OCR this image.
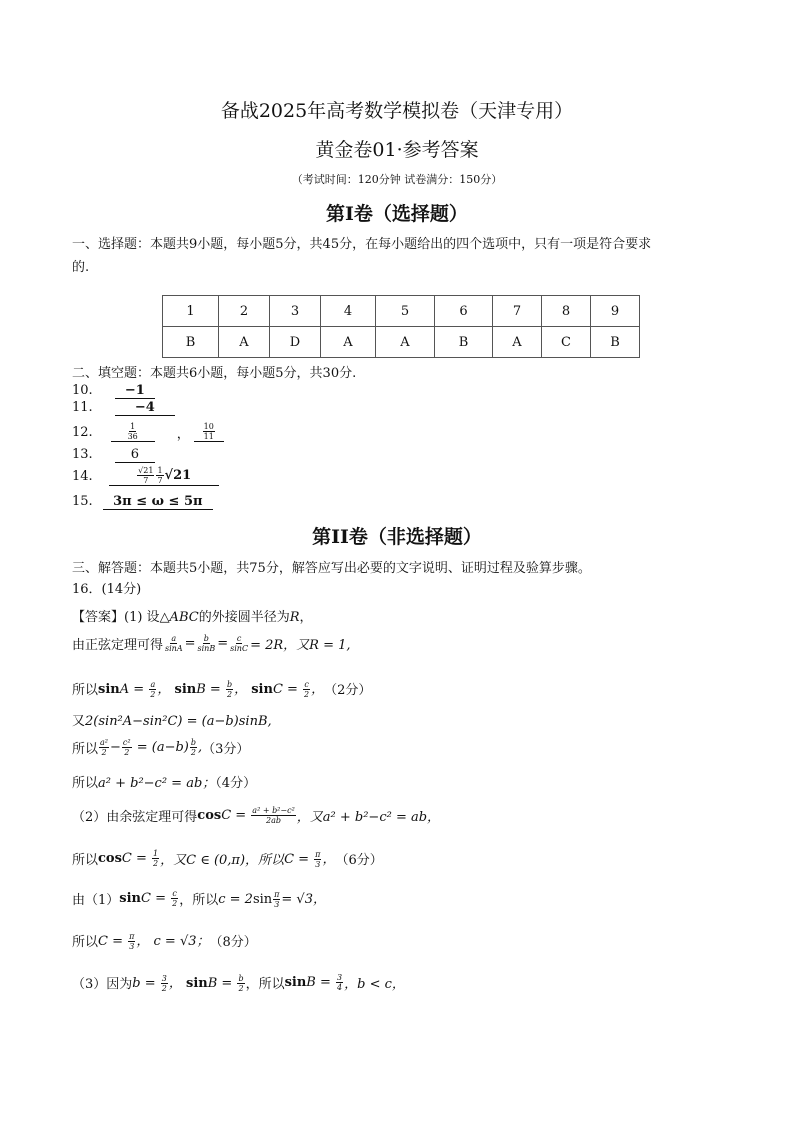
备战2025年高考数学模拟卷（天津专用）
黄金卷01·参考答案
（考试时间：120分钟 试卷满分：150分）
第I卷（选择题）
一、选择题：本题共9小题，每小题5分，共45分，在每小题给出的四个选项中，只有一项是符合要求
的.
1	2	3	4	5	6	7	8	9
B	A	D	A	A	B	A	C	B
二、填空题：本题共6小题，每小题5分，共30分.
10. −1
11.	−4
12.	$\frac{1}{36}$	， $\frac{10}{11}$
13.	6
14.	$\frac{√21}{7} \frac{1}{7} √21$
15. 3π ≤ ω ≤ 5π
第II卷（非选择题）
三、解答题：本题共5小题，共75分，解答应写出必要的文字说明、证明过程及验算步骤。
16．(14分)
【答案】(1) 设△ABC的外接圆半径为R，
由正弦定理可得 $\frac{a}{\sin A} = \frac{b}{\sin B} = \frac{c}{\sin C} = 2R$，又R = 1,
所以 $\sin A = \frac{a}{2}$ ， $\sin B = \frac{b}{2}$ ， $\sin C = \frac{c}{2}$ ， （2分）
又2(sin²A−sin²C) = (a−b)sinB,
所以 $\frac{\text{a²}}{2} - \frac{\text{c²}}{2} = (a-b) \frac{b}{2}$ , （3分）
所以a² + b²−c² = ab；（4分）
（2）由余弦定理可得 $\cos C = \frac{\text{a² + b²−c²}}{2ab}$ ，又a² + b²−c² = ab，
所以 $\cos C = \frac{1}{2}$ ，又C ∈ (0,π)，所以 $C = \frac{\pi}{3}$ ， （6分）
由（1） $\sin C = \frac{c}{2}$ ，所以 $c = 2\sin \frac{\pi}{3} = √3$，
所以 $C = \frac{\pi}{3}$ ， c = √3； （8分）
（3）因为 $b = \frac{3}{2}$ ， $\sin B = \frac{b}{2}$ ，所以 $\sin B = \frac{3}{4}$ ，b < c，
